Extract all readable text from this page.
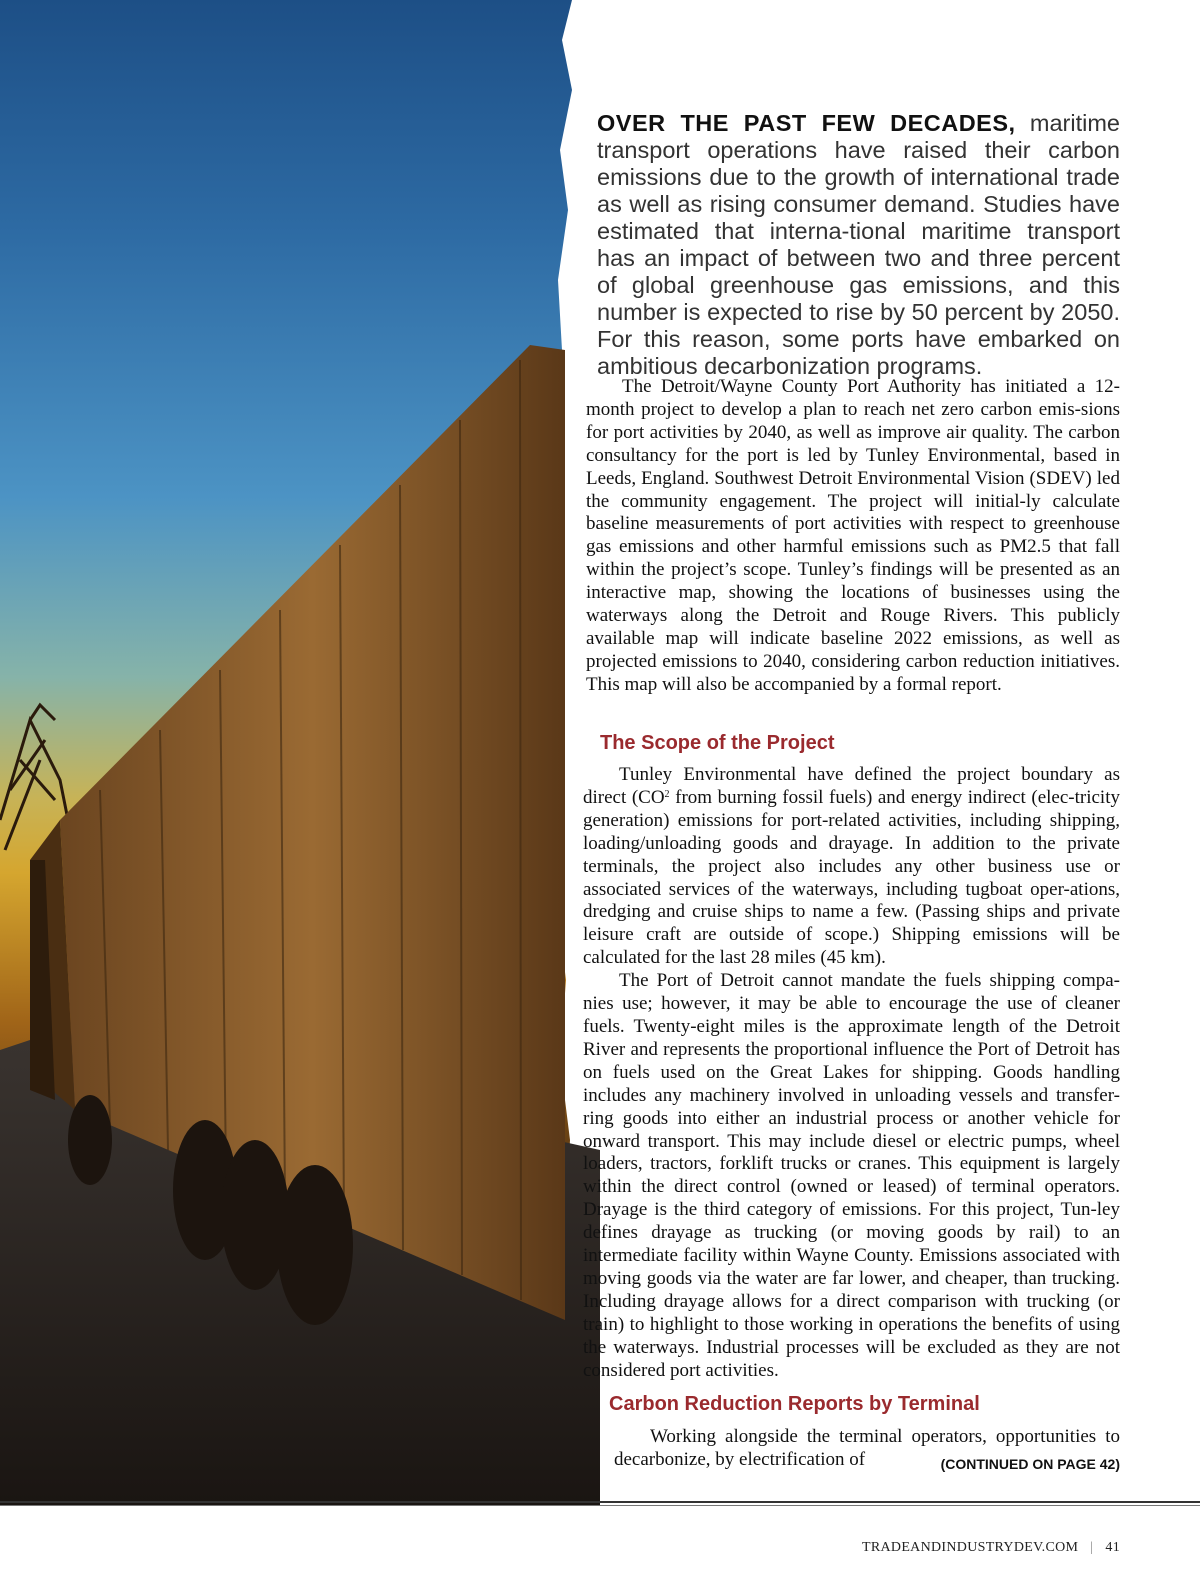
OVER THE PAST FEW DECADES, maritime transport operations have raised their carbon emissions due to the growth of international trade as well as rising consumer demand. Studies have estimated that interna-tional maritime transport has an impact of between two and three percent of global greenhouse gas emissions, and this number is expected to rise by 50 percent by 2050. For this reason, some ports have embarked on ambitious decarbonization programs.

The Detroit/Wayne County Port Authority has initiated a 12-month project to develop a plan to reach net zero carbon emis-sions for port activities by 2040, as well as improve air quality. The carbon consultancy for the port is led by Tunley Environmental, based in Leeds, England. Southwest Detroit Environmental Vision (SDEV) led the community engagement. The project will initial-ly calculate baseline measurements of port activities with respect to greenhouse gas emissions and other harmful emissions such as PM2.5 that fall within the project’s scope. Tunley’s findings will be presented as an interactive map, showing the locations of businesses using the waterways along the Detroit and Rouge Rivers. This publicly available map will indicate baseline 2022 emissions, as well as projected emissions to 2040, considering carbon reduction initiatives. This map will also be accompanied by a formal report.

The Scope of the Project

Tunley Environmental have defined the project boundary as direct ($CO^2$ from burning fossil fuels) and energy indirect (elec-tricity generation) emissions for port-related activities, including shipping, loading/unloading goods and drayage. In addition to the private terminals, the project also includes any other business use or associated services of the waterways, including tugboat oper-ations, dredging and cruise ships to name a few. (Passing ships and private leisure craft are outside of scope.) Shipping emissions will be calculated for the last 28 miles (45 km).

The Port of Detroit cannot mandate the fuels shipping compa-nies use; however, it may be able to encourage the use of cleaner fuels. Twenty-eight miles is the approximate length of the Detroit River and represents the proportional influence the Port of Detroit has on fuels used on the Great Lakes for shipping. Goods handling includes any machinery involved in unloading vessels and transfer-ring goods into either an industrial process or another vehicle for onward transport. This may include diesel or electric pumps, wheel loaders, tractors, forklift trucks or cranes. This equipment is largely within the direct control (owned or leased) of terminal operators. Drayage is the third category of emissions. For this project, Tun-ley defines drayage as trucking (or moving goods by rail) to an intermediate facility within Wayne County. Emissions associated with moving goods via the water are far lower, and cheaper, than trucking. Including drayage allows for a direct comparison with trucking (or train) to highlight to those working in operations the benefits of using the waterways. Industrial processes will be excluded as they are not considered port activities.

Carbon Reduction Reports by Terminal

Working alongside the terminal operators, opportunities to decarbonize, by electrification of	(CONTINUED ON PAGE 42)

TRADEANDINDUSTRYDEV.COM | 41
